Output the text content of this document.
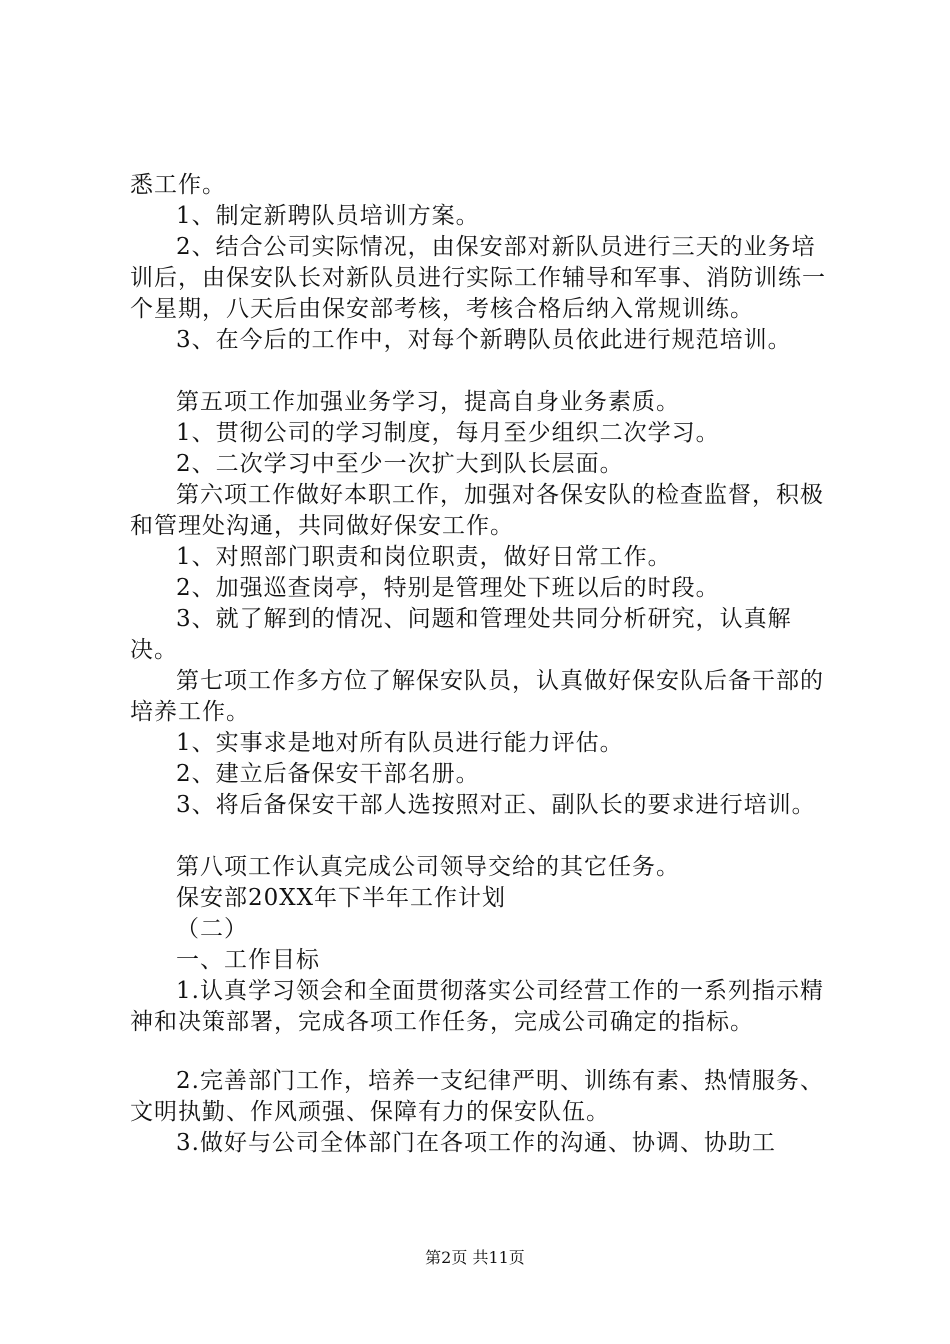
悉工作。

1、制定新聘队员培训方案。

2、结合公司实际情况，由保安部对新队员进行三天的业务培训后，由保安队长对新队员进行实际工作辅导和军事、消防训练一个星期，八天后由保安部考核，考核合格后纳入常规训练。

3、在今后的工作中，对每个新聘队员依此进行规范培训。

第五项工作加强业务学习，提高自身业务素质。

1、贯彻公司的学习制度，每月至少组织二次学习。

2、二次学习中至少一次扩大到队长层面。

第六项工作做好本职工作，加强对各保安队的检查监督，积极和管理处沟通，共同做好保安工作。

1、对照部门职责和岗位职责，做好日常工作。

2、加强巡查岗亭，特别是管理处下班以后的时段。

3、就了解到的情况、问题和管理处共同分析研究，认真解决。

第七项工作多方位了解保安队员，认真做好保安队后备干部的培养工作。

1、实事求是地对所有队员进行能力评估。

2、建立后备保安干部名册。

3、将后备保安干部人选按照对正、副队长的要求进行培训。

第八项工作认真完成公司领导交给的其它任务。

保安部20XX年下半年工作计划

（二）

一、工作目标

1.认真学习领会和全面贯彻落实公司经营工作的一系列指示精神和决策部署，完成各项工作任务，完成公司确定的指标。

2.完善部门工作，培养一支纪律严明、训练有素、热情服务、文明执勤、作风顽强、保障有力的保安队伍。

3.做好与公司全体部门在各项工作的沟通、协调、协助工

第2页 共11页
